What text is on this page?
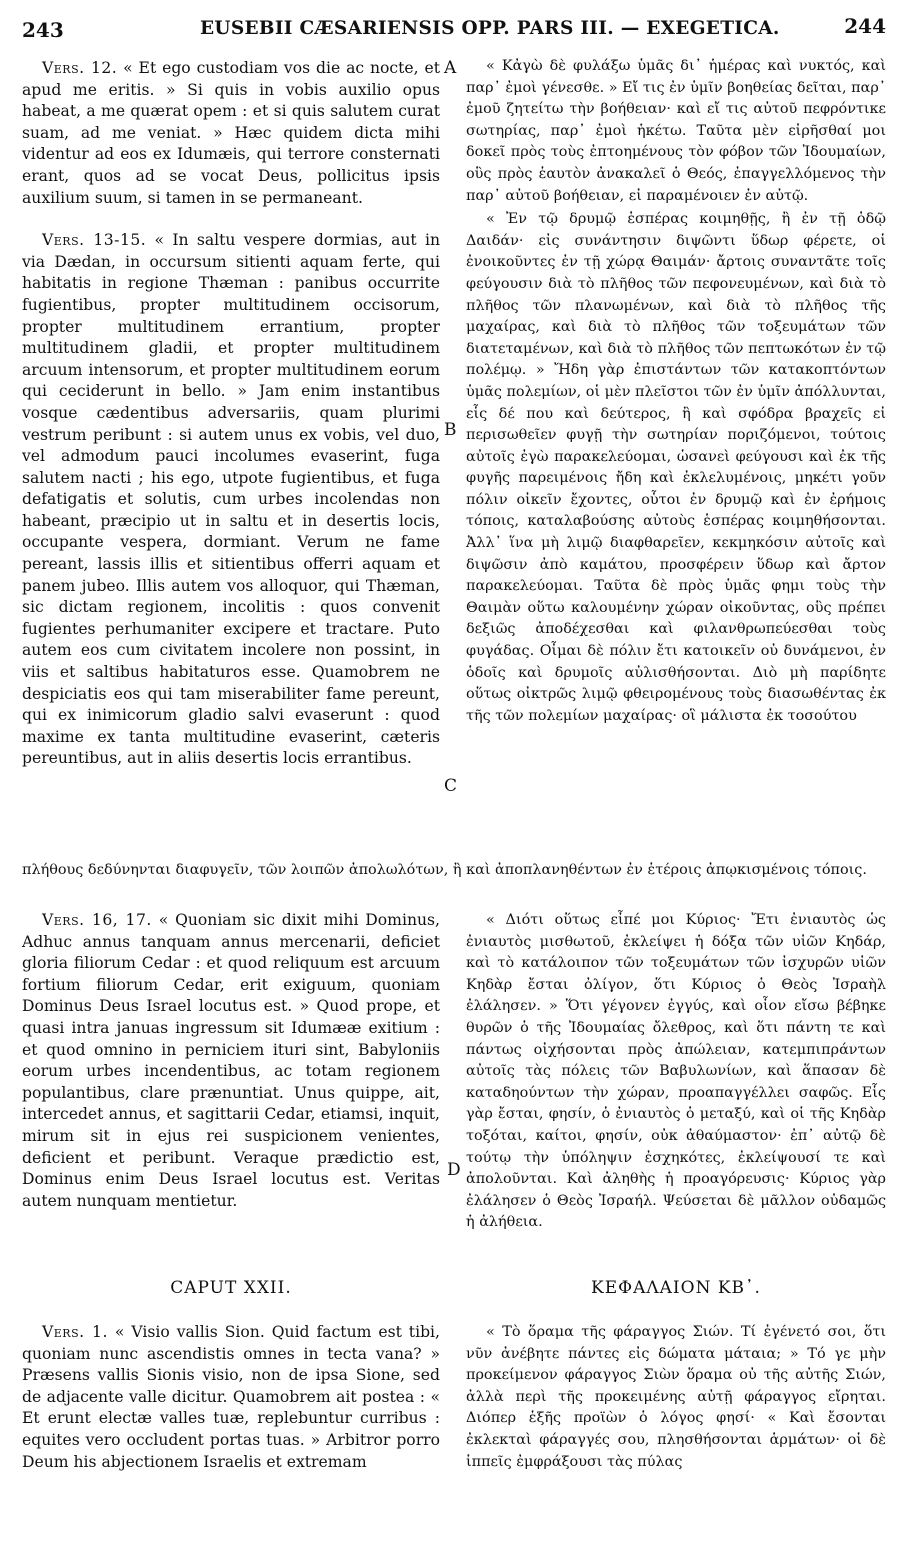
243	EUSEBII CÆSARIENSIS OPP. PARS III. — EXEGETICA.	244
A
B
C
D

Vers. 12. « Et ego custodiam vos die ac nocte, et apud me eritis. » Si quis in vobis auxilio opus habeat, a me quærat opem : et si quis salutem curat suam, ad me veniat. » Hæc quidem dicta mihi videntur ad eos ex Idumæis, qui terrore consternati erant, quos ad se vocat Deus, pollicitus ipsis auxilium suum, si tamen in se permaneant.

Vers. 13-15. « In saltu vespere dormias, aut in via Dædan, in occursum sitienti aquam ferte, qui habitatis in regione Thæman : panibus occurrite fugientibus, propter multitudinem occisorum, propter multitudinem errantium, propter multitudinem gladii, et propter multitudinem arcuum intensorum, et propter multitudinem eorum qui ceciderunt in bello. » Jam enim instantibus vosque cædentibus adversariis, quam plurimi vestrum peribunt : si autem unus ex vobis, vel duo, vel admodum pauci incolumes evaserint, fuga salutem nacti ; his ego, utpote fugientibus, et fuga defatigatis et solutis, cum urbes incolendas non habeant, præcipio ut in saltu et in desertis locis, occupante vespera, dormiant. Verum ne fame pereant, lassis illis et sitientibus offerri aquam et panem jubeo. Illis autem vos alloquor, qui Thæman, sic dictam regionem, incolitis : quos convenit fugientes perhumaniter excipere et tractare. Puto autem eos cum civitatem incolere non possint, in viis et saltibus habitaturos esse. Quamobrem ne despiciatis eos qui tam miserabiliter fame pereunt, qui ex inimicorum gladio salvi evaserunt : quod maxime ex tanta multitudine evaserint, cæteris pereuntibus, aut in aliis desertis locis errantibus.

« Κἀγὼ δὲ φυλάξω ὑμᾶς δι᾽ ἡμέρας καὶ νυκτός, καὶ παρ᾽ ἐμοὶ γένεσθε. » Εἴ τις ἐν ὑμῖν βοηθείας δεῖται, παρ᾽ ἐμοῦ ζητείτω τὴν βοήθειαν· καὶ εἴ τις αὐτοῦ πεφρόντικε σωτηρίας, παρ᾽ ἐμοὶ ἡκέτω. Ταῦτα μὲν εἰρῆσθαί μοι δοκεῖ πρὸς τοὺς ἐπτοημένους τὸν φόβον τῶν Ἰδουμαίων, οὓς πρὸς ἑαυτὸν ἀνακαλεῖ ὁ Θεός, ἐπαγγελλόμενος τὴν παρ᾽ αὐτοῦ βοήθειαν, εἰ παραμένοιεν ἐν αὐτῷ.

« Ἐν τῷ δρυμῷ ἑσπέρας κοιμηθῇς, ἢ ἐν τῇ ὁδῷ Δαιδάν· εἰς συνάντησιν διψῶντι ὕδωρ φέρετε, οἱ ἐνοικοῦντες ἐν τῇ χώρᾳ Θαιμάν· ἄρτοις συναντᾶτε τοῖς φεύγουσιν διὰ τὸ πλῆθος τῶν πεφονευμένων, καὶ διὰ τὸ πλῆθος τῶν πλανωμένων, καὶ διὰ τὸ πλῆθος τῆς μαχαίρας, καὶ διὰ τὸ πλῆθος τῶν τοξευμάτων τῶν διατεταμένων, καὶ διὰ τὸ πλῆθος τῶν πεπτωκότων ἐν τῷ πολέμῳ. » Ἤδη γὰρ ἐπιστάντων τῶν κατακοπτόντων ὑμᾶς πολεμίων, οἱ μὲν πλεῖστοι τῶν ἐν ὑμῖν ἀπόλλυνται, εἷς δέ που καὶ δεύτερος, ἢ καὶ σφόδρα βραχεῖς εἰ περισωθεῖεν φυγῇ τὴν σωτηρίαν ποριζόμενοι, τούτοις αὐτοῖς ἐγὼ παρακελεύομαι, ὡσανεὶ φεύγουσι καὶ ἐκ τῆς φυγῆς παρειμένοις ἤδη καὶ ἐκλελυμένοις, μηκέτι γοῦν πόλιν οἰκεῖν ἔχοντες, οὗτοι ἐν δρυμῷ καὶ ἐν ἐρήμοις τόποις, καταλαβούσης αὐτοὺς ἑσπέρας κοιμηθήσονται. Ἀλλ᾽ ἵνα μὴ λιμῷ διαφθαρεῖεν, κεκμηκόσιν αὐτοῖς καὶ διψῶσιν ἀπὸ καμάτου, προσφέρειν ὕδωρ καὶ ἄρτον παρακελεύομαι. Ταῦτα δὲ πρὸς ὑμᾶς φημι τοὺς τὴν Θαιμὰν οὕτω καλουμένην χώραν οἰκοῦντας, οὓς πρέπει δεξιῶς ἀποδέχεσθαι καὶ φιλανθρωπεύεσθαι τοὺς φυγάδας. Οἶμαι δὲ πόλιν ἔτι κατοικεῖν οὐ δυνάμενοι, ἐν ὁδοῖς καὶ δρυμοῖς αὐλισθήσονται. Διὸ μὴ παρίδητε οὕτως οἰκτρῶς λιμῷ φθειρομένους τοὺς διασωθέντας ἐκ τῆς τῶν πολεμίων μαχαίρας· οἳ μάλιστα ἐκ τοσούτου

πλήθους δεδύνηνται διαφυγεῖν, τῶν λοιπῶν ἀπολωλότων, ἢ καὶ ἀποπλανηθέντων ἐν ἑτέροις ἀπῳκισμένοις τόποις.

Vers. 16, 17. « Quoniam sic dixit mihi Dominus, Adhuc annus tanquam annus mercenarii, deficiet gloria filiorum Cedar : et quod reliquum est arcuum fortium filiorum Cedar, erit exiguum, quoniam Dominus Deus Israel locutus est. » Quod prope, et quasi intra januas ingressum sit Idumææ exitium : et quod omnino in perniciem ituri sint, Babyloniis eorum urbes incendentibus, ac totam regionem populantibus, clare prænuntiat. Unus quippe, ait, intercedet annus, et sagittarii Cedar, etiamsi, inquit, mirum sit in ejus rei suspicionem venientes, deficient et peribunt. Veraque prædictio est, Dominus enim Deus Israel locutus est. Veritas autem nunquam mentietur.

« Διότι οὕτως εἶπέ μοι Κύριος· Ἔτι ἐνιαυτὸς ὡς ἐνιαυτὸς μισθωτοῦ, ἐκλείψει ἡ δόξα τῶν υἱῶν Κηδάρ, καὶ τὸ κατάλοιπον τῶν τοξευμάτων τῶν ἰσχυρῶν υἱῶν Κηδὰρ ἔσται ὀλίγον, ὅτι Κύριος ὁ Θεὸς Ἰσραὴλ ἐλάλησεν. » Ὅτι γέγονεν ἐγγύς, καὶ οἷον εἴσω βέβηκε θυρῶν ὁ τῆς Ἰδουμαίας ὄλεθρος, καὶ ὅτι πάντη τε καὶ πάντως οἰχήσονται πρὸς ἀπώλειαν, κατεμπιπράντων αὐτοῖς τὰς πόλεις τῶν Βαβυλωνίων, καὶ ἅπασαν δὲ καταδηούντων τὴν χώραν, προαπαγγέλλει σαφῶς. Εἷς γὰρ ἔσται, φησίν, ὁ ἐνιαυτὸς ὁ μεταξύ, καὶ οἱ τῆς Κηδὰρ τοξόται, καίτοι, φησίν, οὐκ ἀθαύμαστον· ἐπ᾽ αὐτῷ δὲ τούτῳ τὴν ὑπόληψιν ἐσχηκότες, ἐκλείψουσί τε καὶ ἀπολοῦνται. Καὶ ἀληθὴς ἡ προαγόρευσις· Κύριος γὰρ ἐλάλησεν ὁ Θεὸς Ἰσραήλ. Ψεύσεται δὲ μᾶλλον οὐδαμῶς ἡ ἀλήθεια.

CAPUT XXII.	ΚΕΦΑΛΑΙΟΝ ΚΒ᾽.

Vers. 1. « Visio vallis Sion. Quid factum est tibi, quoniam nunc ascendistis omnes in tecta vana? » Præsens vallis Sionis visio, non de ipsa Sione, sed de adjacente valle dicitur. Quamobrem ait postea : « Et erunt electæ valles tuæ, replebuntur curribus : equites vero occludent portas tuas. » Arbitror porro Deum his abjectionem Israelis et extremam

« Τὸ ὅραμα τῆς φάραγγος Σιών. Τί ἐγένετό σοι, ὅτι νῦν ἀνέβητε πάντες εἰς δώματα μάταια; » Τό γε μὴν προκείμενον φάραγγος Σιὼν ὅραμα οὐ τῆς αὐτῆς Σιών, ἀλλὰ περὶ τῆς προκειμένης αὐτῇ φάραγγος εἴρηται. Διόπερ ἑξῆς προϊὼν ὁ λόγος φησί· « Καὶ ἔσονται ἐκλεκταὶ φάραγγές σου, πλησθήσονται ἁρμάτων· οἱ δὲ ἱππεῖς ἐμφράξουσι τὰς πύλας
